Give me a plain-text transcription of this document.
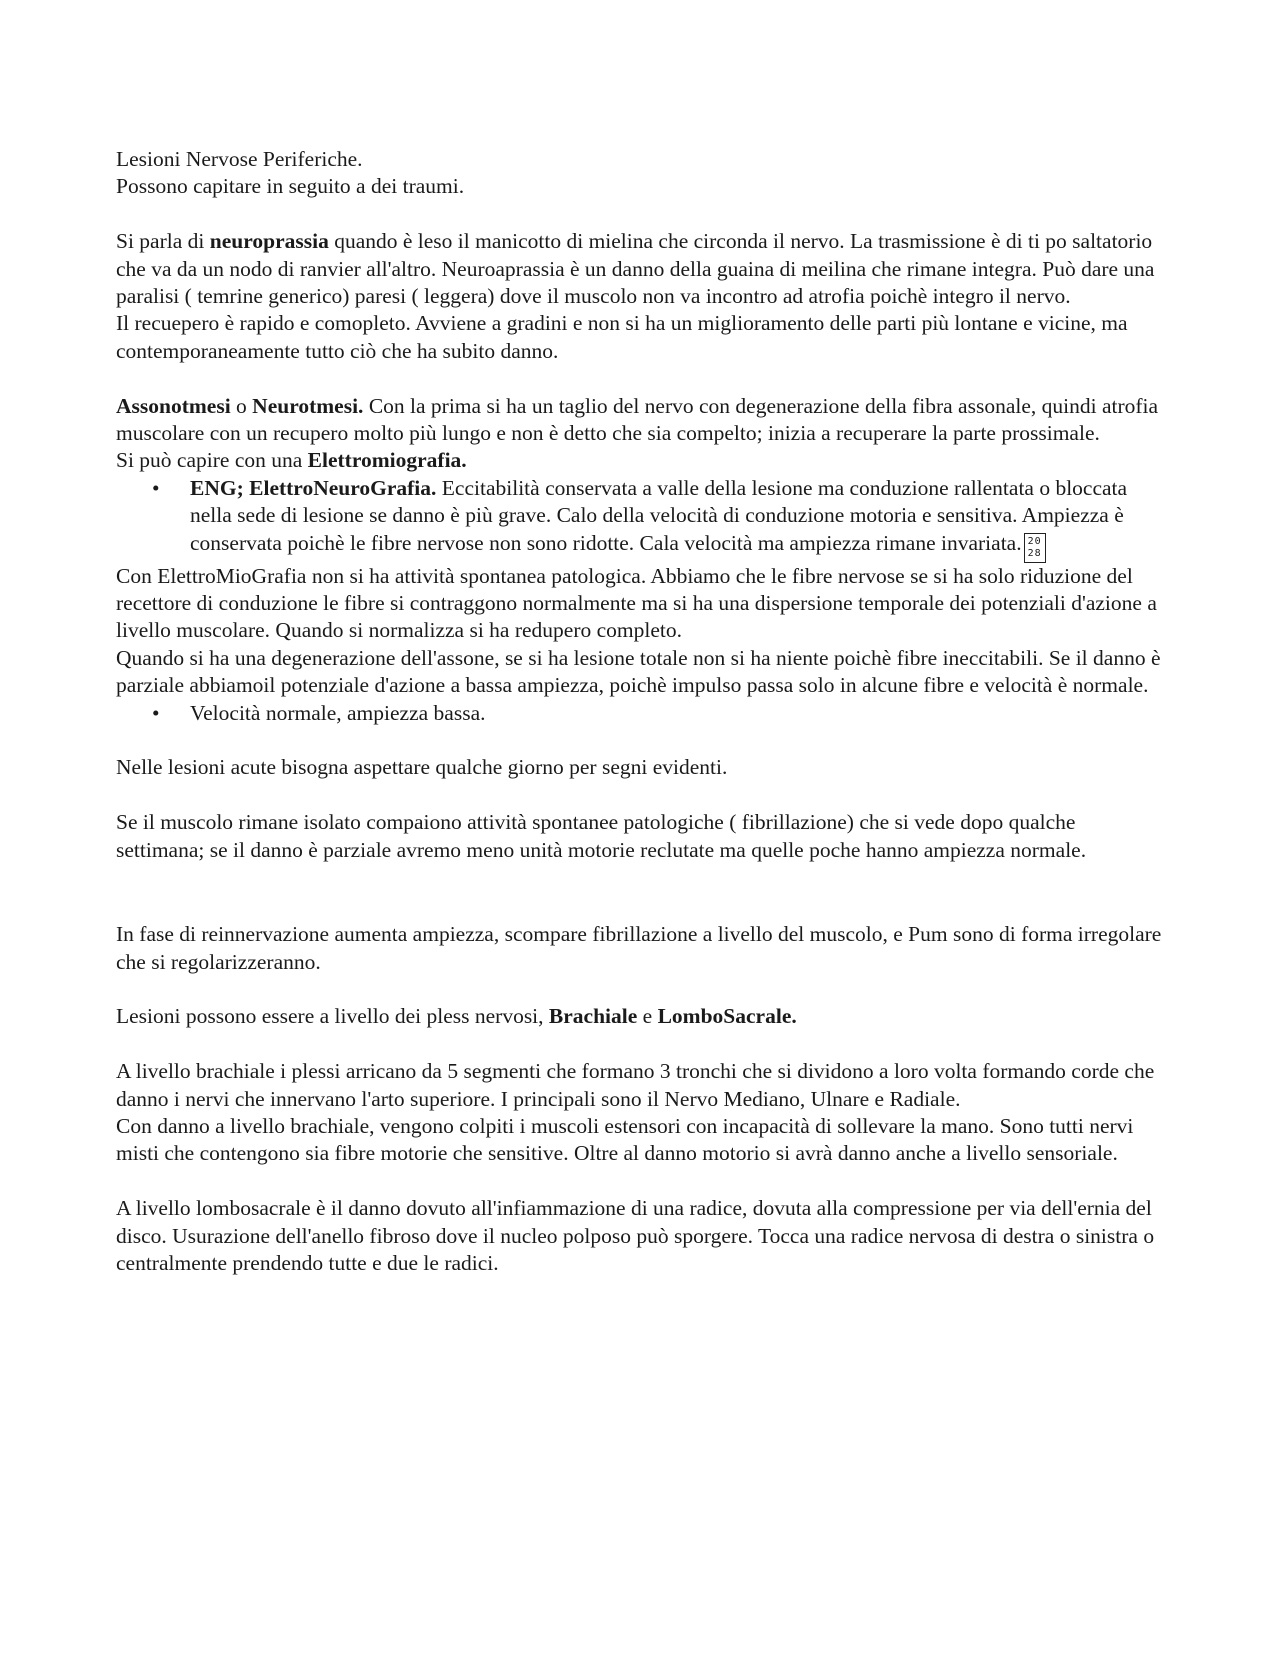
Lesioni Nervose Periferiche.

Possono capitare in seguito a dei traumi.

Si parla di neuroprassia quando è leso il manicotto di mielina che circonda il nervo. La trasmissione è di ti po saltatorio che va da un nodo di ranvier all'altro. Neuroaprassia è un danno della guaina di meilina che rimane integra. Può dare una paralisi ( temrine generico) paresi ( leggera) dove il muscolo non va incontro ad atrofia poichè integro il nervo.

Il recuepero è rapido e comopleto. Avviene a gradini e non si ha un miglioramento delle parti più lontane e vicine, ma contemporaneamente tutto ciò che ha subito danno.

Assonotmesi o Neurotmesi. Con la prima si ha un taglio del nervo con degenerazione della fibra assonale, quindi atrofia muscolare con un recupero molto più lungo e non è detto che sia compelto; inizia a recuperare la parte prossimale.

Si può capire con una Elettromiografia.

• ENG; ElettroNeuroGrafia. Eccitabilità conservata a valle della lesione ma conduzione rallentata o bloccata nella sede di lesione se danno è più grave. Calo della velocità di conduzione motoria e sensitiva. Ampiezza è conservata poichè le fibre nervose non sono ridotte. Cala velocità ma ampiezza rimane invariata. 20
28

Con ElettroMioGrafia non si ha attività spontanea patologica. Abbiamo che le fibre nervose se si ha solo riduzione del recettore di conduzione le fibre si contraggono normalmente ma si ha una dispersione temporale dei potenziali d'azione a livello muscolare. Quando si normalizza si ha redupero completo.

Quando si ha una degenerazione dell'assone, se si ha lesione totale non si ha niente poichè fibre ineccitabili. Se il danno è parziale abbiamoil potenziale d'azione a bassa ampiezza, poichè impulso passa solo in alcune fibre e velocità è normale.

• Velocità normale, ampiezza bassa.

Nelle lesioni acute bisogna aspettare qualche giorno per segni evidenti.

Se il muscolo rimane isolato compaiono attività spontanee patologiche ( fibrillazione) che si vede dopo qualche settimana; se il danno è parziale avremo meno unità motorie reclutate ma quelle poche hanno ampiezza normale.

In fase di reinnervazione aumenta ampiezza, scompare fibrillazione a livello del muscolo, e Pum sono di forma irregolare che si regolarizzeranno.

Lesioni possono essere a livello dei pless nervosi, Brachiale e LomboSacrale.

A livello brachiale i plessi arricano da 5 segmenti che formano 3 tronchi che si dividono a loro volta formando corde che danno i nervi che innervano l'arto superiore. I principali sono il Nervo Mediano, Ulnare e Radiale.

Con danno a livello brachiale, vengono colpiti i muscoli estensori con incapacità di sollevare la mano. Sono tutti nervi misti che contengono sia fibre motorie che sensitive. Oltre al danno motorio si avrà danno anche a livello sensoriale.

A livello lombosacrale è il danno dovuto all'infiammazione di una radice, dovuta alla compressione per via dell'ernia del disco. Usurazione dell'anello fibroso dove il nucleo polposo può sporgere. Tocca una radice nervosa di destra o sinistra o centralmente prendendo tutte e due le radici.
